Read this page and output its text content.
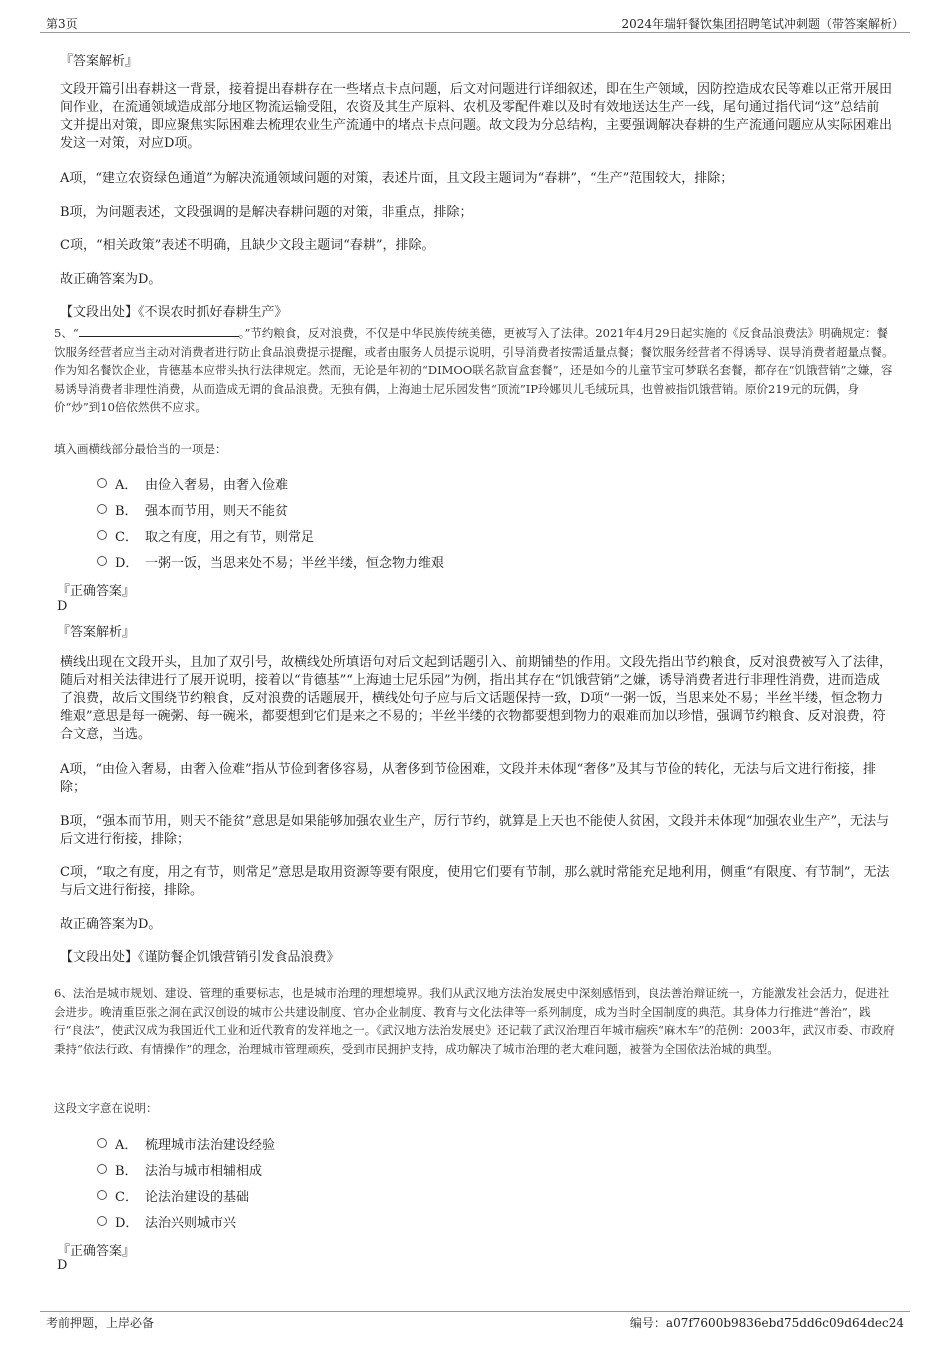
第3页	2024年瑞轩餐饮集团招聘笔试冲刺题（带答案解析）
『答案解析』

文段开篇引出春耕这一背景，接着提出春耕存在一些堵点卡点问题，后文对问题进行详细叙述，即在生产领域，因防控造成农民等难以正常开展田间作业，在流通领域造成部分地区物流运输受阻，农资及其生产原料、农机及零配件难以及时有效地送达生产一线，尾句通过指代词“这”总结前文并提出对策，即应聚焦实际困难去梳理农业生产流通中的堵点卡点问题。故文段为分总结构，主要强调解决春耕的生产流通问题应从实际困难出发这一对策，对应D项。

A项，“建立农资绿色通道”为解决流通领域问题的对策，表述片面，且文段主题词为“春耕”，“生产”范围较大，排除；

B项，为问题表述，文段强调的是解决春耕问题的对策，非重点，排除；

C项，“相关政策”表述不明确，且缺少文段主题词“春耕”，排除。

故正确答案为D。

【文段出处】《不误农时抓好春耕生产》

5、“	。”节约粮食，反对浪费，不仅是中华民族传统美德，更被写入了法律。2021年4月29日起实施的《反食品浪费法》明确规定：餐饮服务经营者应当主动对消费者进行防止食品浪费提示提醒，或者由服务人员提示说明，引导消费者按需适量点餐；餐饮服务经营者不得诱导、误导消费者超量点餐。作为知名餐饮企业，肯德基本应带头执行法律规定。然而，无论是年初的“DIMOO联名款盲盒套餐”，还是如今的儿童节宝可梦联名套餐，都存在“饥饿营销”之嫌，容易诱导消费者非理性消费，从而造成无谓的食品浪费。无独有偶，上海迪士尼乐园发售“顶流”IP玲娜贝儿毛绒玩具，也曾被指饥饿营销。原价219元的玩偶，身价“炒”到10倍依然供不应求。

填入画横线部分最恰当的一项是：

A． 由俭入奢易，由奢入俭难
B． 强本而节用，则天不能贫
C． 取之有度，用之有节，则常足
D． 一粥一饭，当思来处不易；半丝半缕，恒念物力维艰
『正确答案』
D
『答案解析』

横线出现在文段开头，且加了双引号，故横线处所填语句对后文起到话题引入、前期铺垫的作用。文段先指出节约粮食，反对浪费被写入了法律，随后对相关法律进行了展开说明，接着以“肯德基”“上海迪士尼乐园”为例，指出其存在“饥饿营销”之嫌，诱导消费者进行非理性消费，进而造成了浪费，故后文围绕节约粮食，反对浪费的话题展开，横线处句子应与后文话题保持一致，D项“一粥一饭，当思来处不易；半丝半缕，恒念物力维艰”意思是每一碗粥、每一碗米，都要想到它们是来之不易的；半丝半缕的衣物都要想到物力的艰难而加以珍惜，强调节约粮食、反对浪费，符合文意，当选。

A项，“由俭入奢易，由奢入俭难”指从节俭到奢侈容易，从奢侈到节俭困难，文段并未体现“奢侈”及其与节俭的转化，无法与后文进行衔接，排除；

B项，“强本而节用，则天不能贫”意思是如果能够加强农业生产，厉行节约，就算是上天也不能使人贫困，文段并未体现“加强农业生产”，无法与后文进行衔接，排除；

C项，“取之有度，用之有节，则常足”意思是取用资源等要有限度，使用它们要有节制，那么就时常能充足地利用，侧重“有限度、有节制”，无法与后文进行衔接，排除。

故正确答案为D。

【文段出处】《谨防餐企饥饿营销引发食品浪费》

6、法治是城市规划、建设、管理的重要标志，也是城市治理的理想境界。我们从武汉地方法治发展史中深刻感悟到，良法善治辩证统一，方能激发社会活力，促进社会进步。晚清重臣张之洞在武汉创设的城市公共建设制度、官办企业制度、教育与文化法律等一系列制度，成为当时全国制度的典范。其身体力行推进“善治”，践行“良法”，使武汉成为我国近代工业和近代教育的发祥地之一。《武汉地方法治发展史》还记载了武汉治理百年城市痼疾“麻木车”的范例：2003年，武汉市委、市政府秉持“依法行政、有情操作”的理念，治理城市管理顽疾，受到市民拥护支持，成功解决了城市治理的老大难问题，被誉为全国依法治城的典型。

这段文字意在说明：

A． 梳理城市法治建设经验
B． 法治与城市相辅相成
C． 论法治建设的基础
D． 法治兴则城市兴
『正确答案』
D
考前押题，上岸必备	编号：a07f7600b9836ebd75dd6c09d64dec24
